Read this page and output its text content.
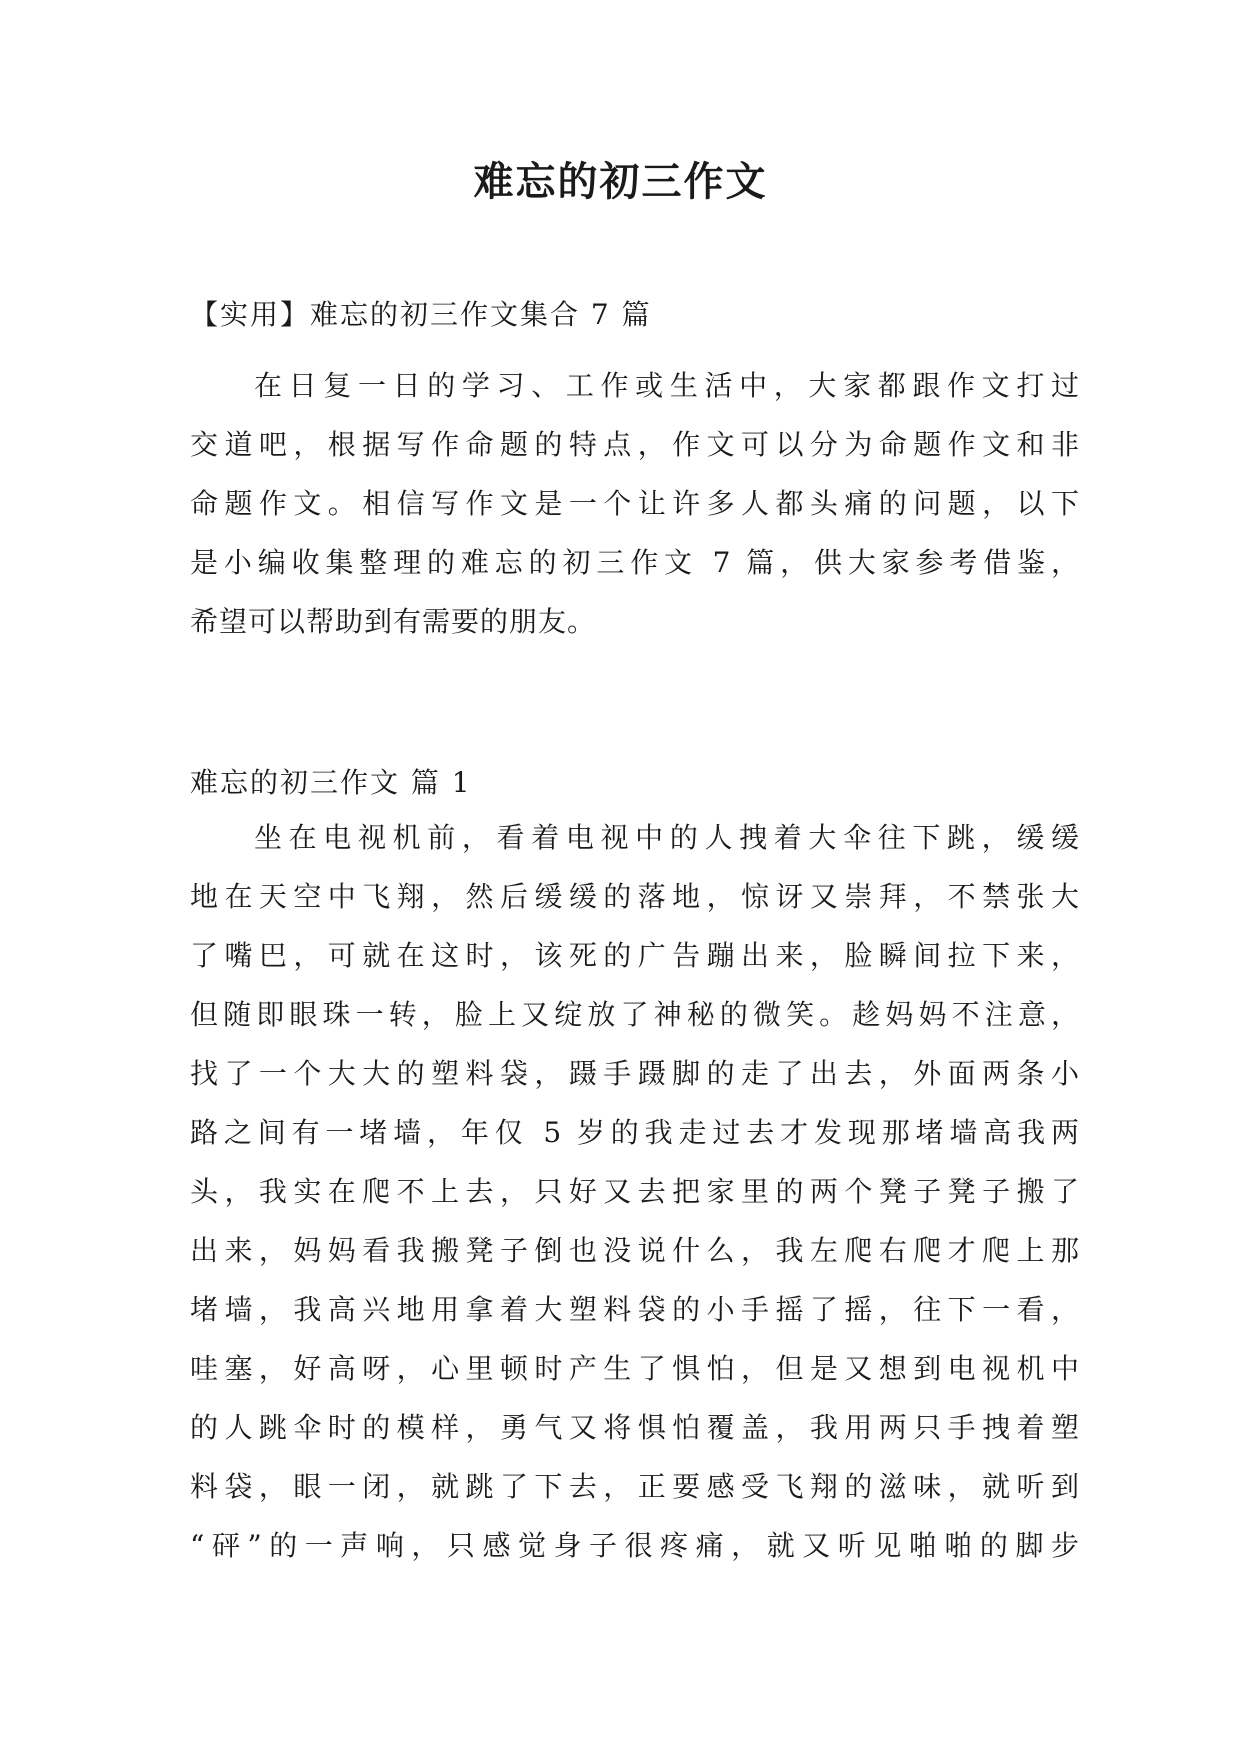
难忘的初三作文
【实用】难忘的初三作文集合 7 篇
在日复一日的学习、工作或生活中，大家都跟作文打过
交道吧，根据写作命题的特点，作文可以分为命题作文和非
命题作文。相信写作文是一个让许多人都头痛的问题，以下
是小编收集整理的难忘的初三作文 7 篇，供大家参考借鉴，
希望可以帮助到有需要的朋友。
难忘的初三作文 篇 1
坐在电视机前，看着电视中的人拽着大伞往下跳，缓缓
地在天空中飞翔，然后缓缓的落地，惊讶又崇拜，不禁张大
了嘴巴，可就在这时，该死的广告蹦出来，脸瞬间拉下来，
但随即眼珠一转，脸上又绽放了神秘的微笑。趁妈妈不注意，
找了一个大大的塑料袋，蹑手蹑脚的走了出去，外面两条小
路之间有一堵墙，年仅 5 岁的我走过去才发现那堵墙高我两
头，我实在爬不上去，只好又去把家里的两个凳子凳子搬了
出来，妈妈看我搬凳子倒也没说什么，我左爬右爬才爬上那
堵墙，我高兴地用拿着大塑料袋的小手摇了摇，往下一看，
哇塞，好高呀，心里顿时产生了惧怕，但是又想到电视机中
的人跳伞时的模样，勇气又将惧怕覆盖，我用两只手拽着塑
料袋，眼一闭，就跳了下去，正要感受飞翔的滋味，就听到
“砰”的一声响，只感觉身子很疼痛，就又听见啪啪的脚步
